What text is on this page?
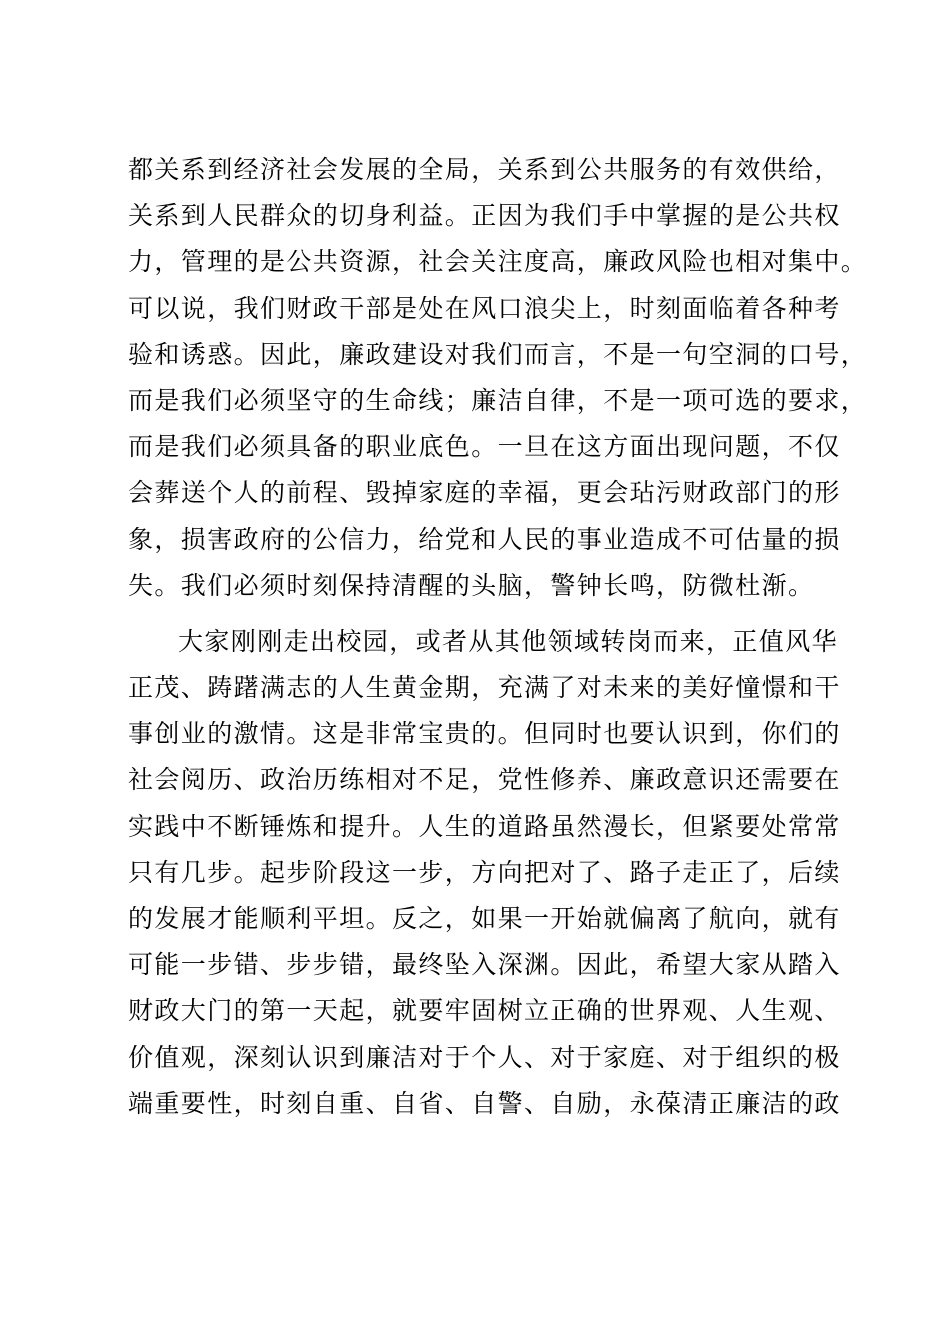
都关系到经济社会发展的全局，关系到公共服务的有效供给，
关系到人民群众的切身利益。正因为我们手中掌握的是公共权
力，管理的是公共资源，社会关注度高，廉政风险也相对集中。
可以说，我们财政干部是处在风口浪尖上，时刻面临着各种考
验和诱惑。因此，廉政建设对我们而言，不是一句空洞的口号，
而是我们必须坚守的生命线；廉洁自律，不是一项可选的要求，
而是我们必须具备的职业底色。一旦在这方面出现问题，不仅
会葬送个人的前程、毁掉家庭的幸福，更会玷污财政部门的形
象，损害政府的公信力，给党和人民的事业造成不可估量的损
失。我们必须时刻保持清醒的头脑，警钟长鸣，防微杜渐。
大家刚刚走出校园，或者从其他领域转岗而来，正值风华
正茂、踌躇满志的人生黄金期，充满了对未来的美好憧憬和干
事创业的激情。这是非常宝贵的。但同时也要认识到，你们的
社会阅历、政治历练相对不足，党性修养、廉政意识还需要在
实践中不断锤炼和提升。人生的道路虽然漫长，但紧要处常常
只有几步。起步阶段这一步，方向把对了、路子走正了，后续
的发展才能顺利平坦。反之，如果一开始就偏离了航向，就有
可能一步错、步步错，最终坠入深渊。因此，希望大家从踏入
财政大门的第一天起，就要牢固树立正确的世界观、人生观、
价值观，深刻认识到廉洁对于个人、对于家庭、对于组织的极
端重要性，时刻自重、自省、自警、自励，永葆清正廉洁的政
